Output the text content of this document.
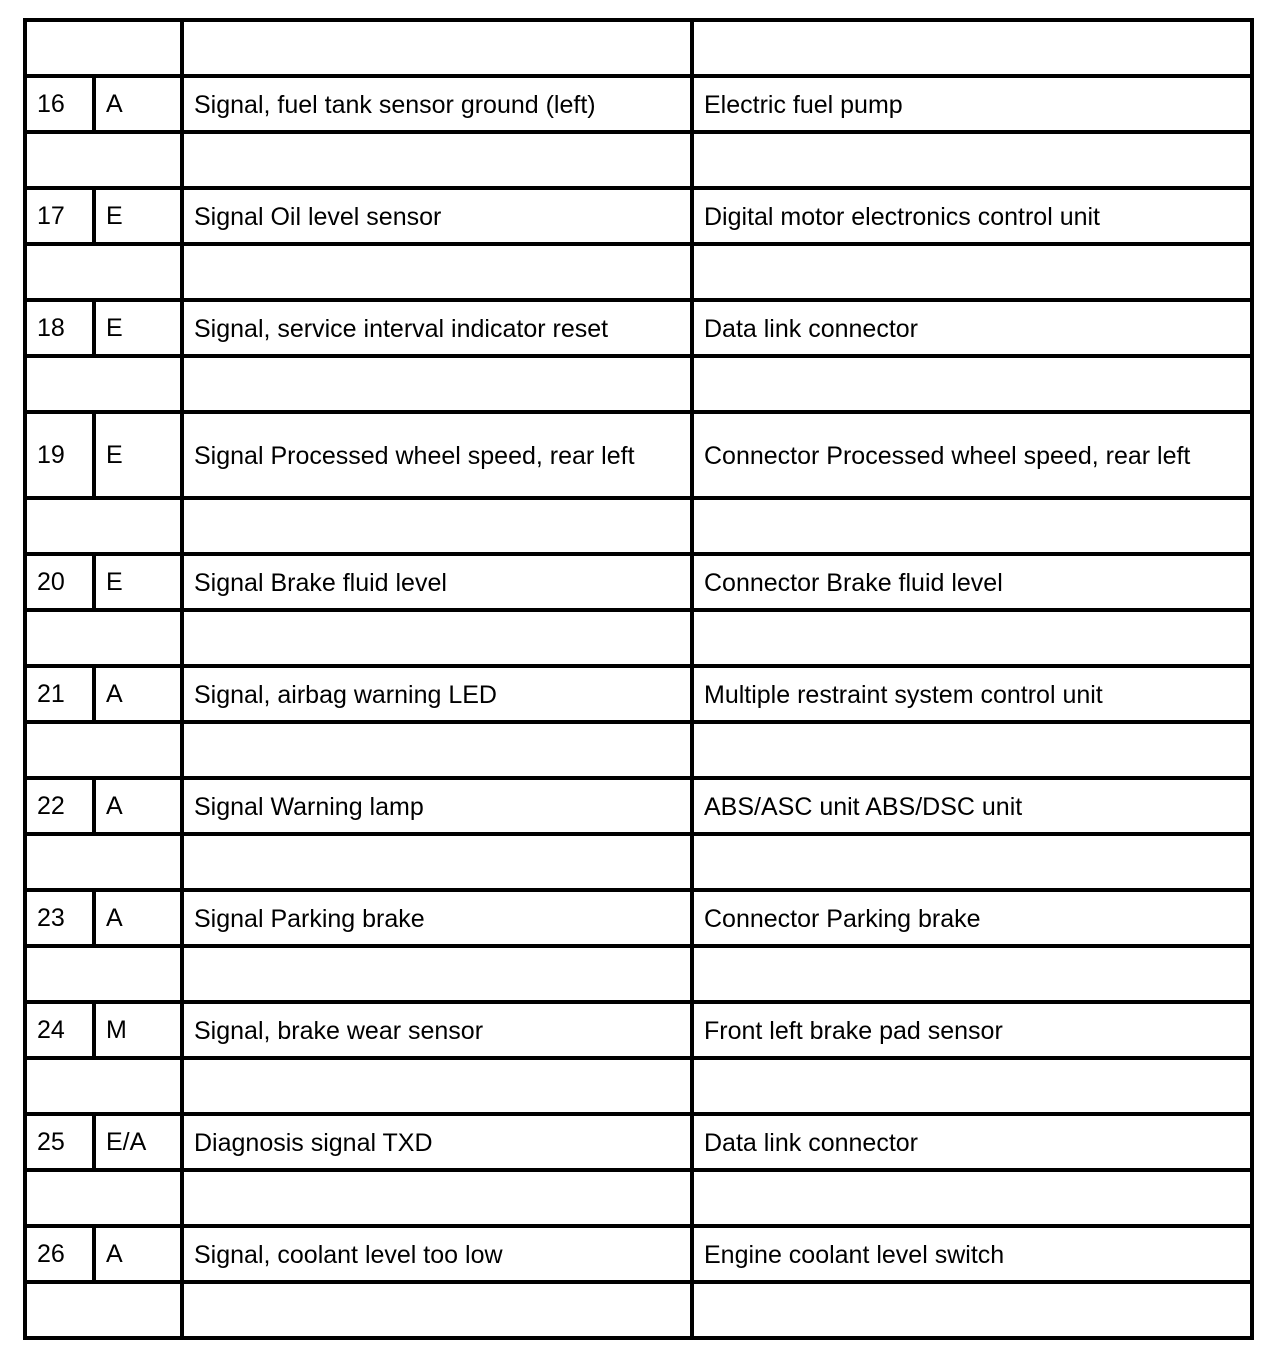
16	A	Signal, fuel tank sensor ground (left)	Electric fuel pump

17	E	Signal Oil level sensor	Digital motor electronics control unit

18	E	Signal, service interval indicator reset	Data link connector

19	E	Signal Processed wheel speed, rear left	Connector Processed wheel speed, rear left

20	E	Signal Brake fluid level	Connector Brake fluid level

21	A	Signal, airbag warning LED	Multiple restraint system control unit

22	A	Signal Warning lamp	ABS/ASC unit ABS/DSC unit

23	A	Signal Parking brake	Connector Parking brake

24	M	Signal, brake wear sensor	Front left brake pad sensor

25	E/A	Diagnosis signal TXD	Data link connector

26	A	Signal, coolant level too low	Engine coolant level switch
